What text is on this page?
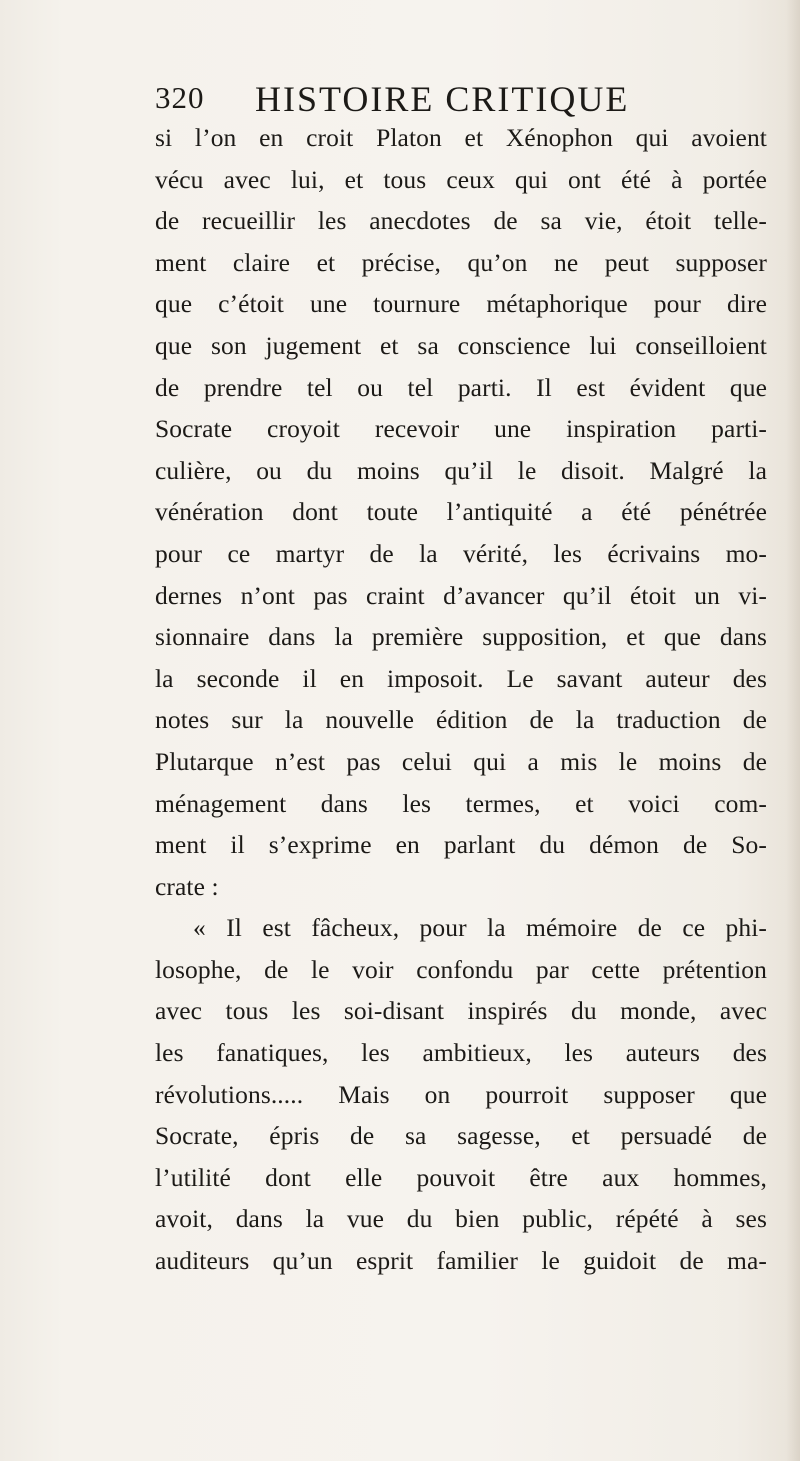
320 HISTOIRE CRITIQUE
si l’on en croit Platon et Xénophon qui avoient
vécu avec lui, et tous ceux qui ont été à portée
de recueillir les anecdotes de sa vie, étoit telle-
ment claire et précise, qu’on ne peut supposer
que c’étoit une tournure métaphorique pour dire
que son jugement et sa conscience lui conseilloient
de prendre tel ou tel parti. Il est évident que
Socrate croyoit recevoir une inspiration parti-
culière, ou du moins qu’il le disoit. Malgré la
vénération dont toute l’antiquité a été pénétrée
pour ce martyr de la vérité, les écrivains mo-
dernes n’ont pas craint d’avancer qu’il étoit un vi-
sionnaire dans la première supposition, et que dans
la seconde il en imposoit. Le savant auteur des
notes sur la nouvelle édition de la traduction de
Plutarque n’est pas celui qui a mis le moins de
ménagement dans les termes, et voici com-
ment il s’exprime en parlant du démon de So-
crate :
« Il est fâcheux, pour la mémoire de ce phi-
losophe, de le voir confondu par cette prétention
avec tous les soi-disant inspirés du monde, avec
les fanatiques, les ambitieux, les auteurs des
révolutions..... Mais on pourroit supposer que
Socrate, épris de sa sagesse, et persuadé de
l’utilité dont elle pouvoit être aux hommes,
avoit, dans la vue du bien public, répété à ses
auditeurs qu’un esprit familier le guidoit de ma-
